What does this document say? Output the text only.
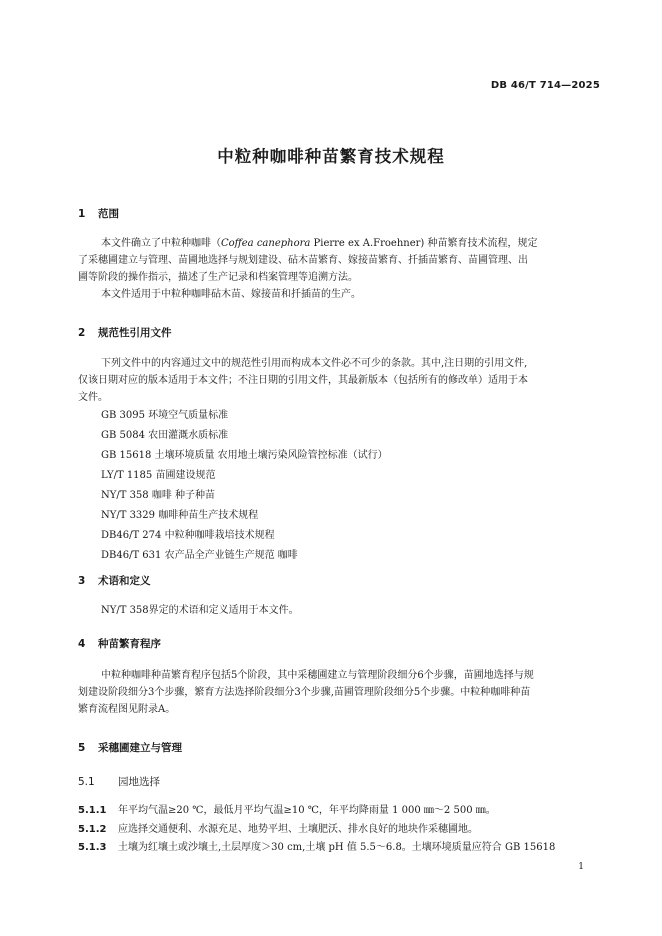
DB 46/T 714—2025
中粒种咖啡种苗繁育技术规程
1 范围
本文件确立了中粒种咖啡（Coffea canephora Pierre ex A.Froehner) 种苗繁育技术流程，规定
了采穗圃建立与管理、苗圃地选择与规划建设、砧木苗繁育、嫁接苗繁育、扦插苗繁育、苗圃管理、出
圃等阶段的操作指示，描述了生产记录和档案管理等追溯方法。
本文件适用于中粒种咖啡砧木苗、嫁接苗和扦插苗的生产。
2 规范性引用文件
下列文件中的内容通过文中的规范性引用而构成本文件必不可少的条款。其中,注日期的引用文件,
仅该日期对应的版本适用于本文件；不注日期的引用文件，其最新版本（包括所有的修改单）适用于本
文件。
GB 3095 环境空气质量标准
GB 5084 农田灌溉水质标准
GB 15618 土壤环境质量 农用地土壤污染风险管控标准（试行）
LY/T 1185 苗圃建设规范
NY/T 358 咖啡 种子种苗
NY/T 3329 咖啡种苗生产技术规程
DB46/T 274 中粒种咖啡栽培技术规程
DB46/T 631 农产品全产业链生产规范 咖啡
3 术语和定义
NY/T 358界定的术语和定义适用于本文件。
4 种苗繁育程序
中粒种咖啡种苗繁育程序包括5个阶段，其中采穗圃建立与管理阶段细分6个步骤，苗圃地选择与规
划建设阶段细分3个步骤，繁育方法选择阶段细分3个步骤,苗圃管理阶段细分5个步骤。中粒种咖啡种苗
繁育流程图见附录A。
5 采穗圃建立与管理
5.1 园地选择
5.1.1 年平均气温≥20 ℃，最低月平均气温≥10 ℃，年平均降雨量 1 000 ㎜～2 500 ㎜。
5.1.2 应选择交通便利、水源充足、地势平坦、土壤肥沃、排水良好的地块作采穗圃地。
5.1.3 土壤为红壤土或沙壤土,土层厚度＞30 cm,土壤 pH 值 5.5～6.8。土壤环境质量应符合 GB 15618
1
